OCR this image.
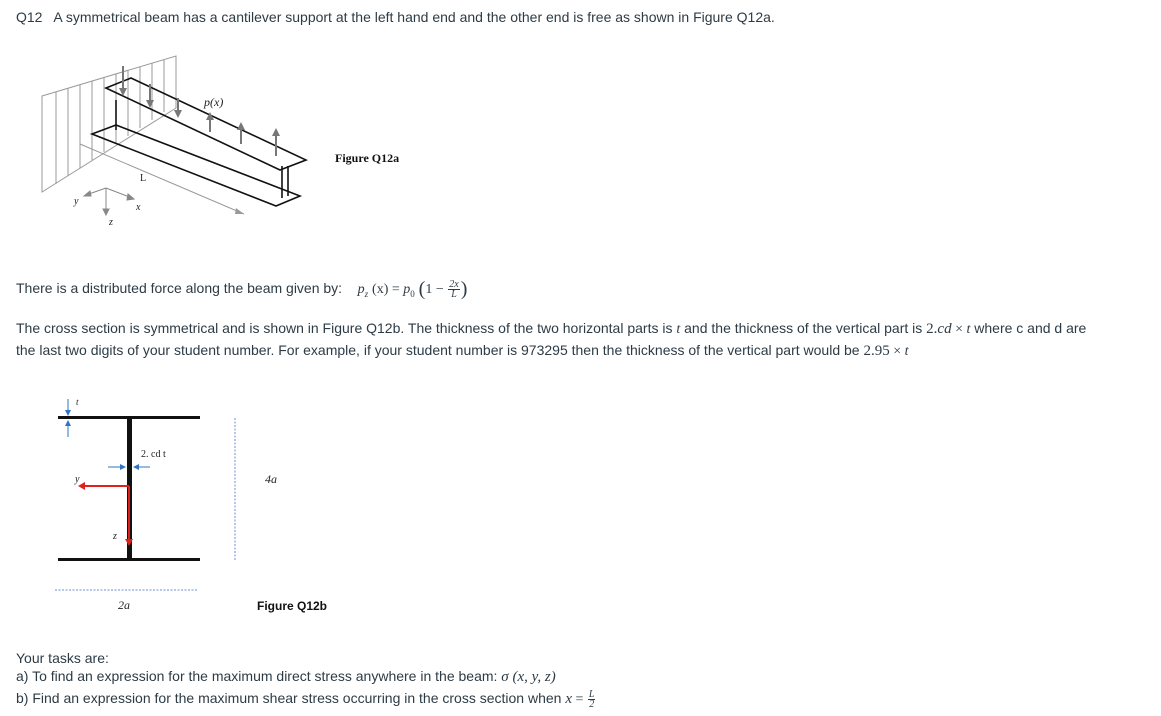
Q12 A symmetrical beam has a cantilever support at the left hand end and the other end is free as shown in Figure Q12a.
L
p(x)
y
z
x
Figure Q12a
There is a distributed force along the beam given by: $p_z$ $(x) = p_0$ ($1 - \frac{2x}{L}$ )
The cross section is symmetrical and is shown in Figure Q12b. The thickness of the two horizontal parts is t and the thickness of the vertical part is 2.cd × t where c and d are
the last two digits of your student number. For example, if your student number is 973295 then the thickness of the vertical part would be 2.95 × t
t
2. cd t
y
z
4a
2a	Figure Q12b
Your tasks are:
a) To find an expression for the maximum direct stress anywhere in the beam: σ (x, y, z)
b) Find an expression for the maximum shear stress occurring in the cross section when $x = \frac{L}{2}$
